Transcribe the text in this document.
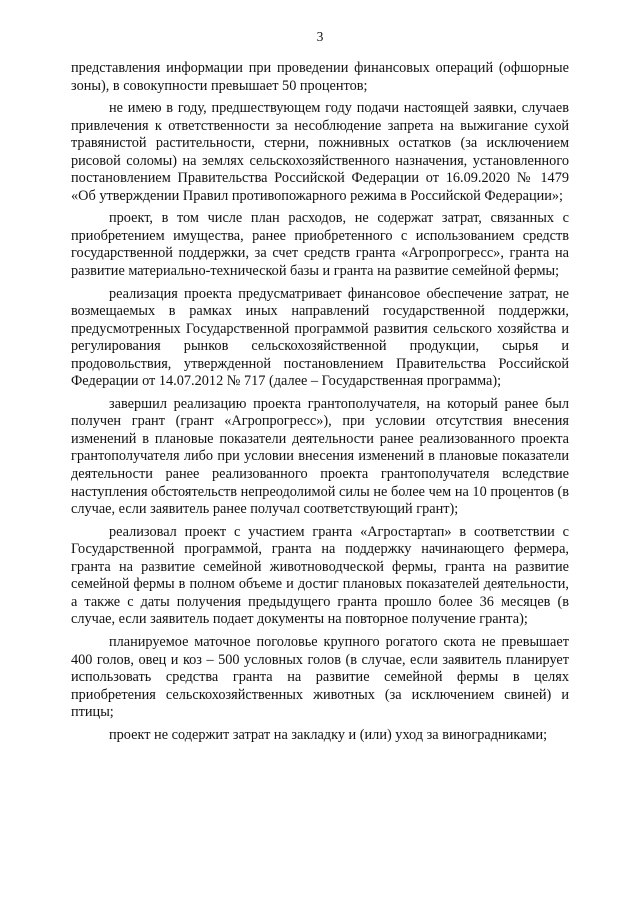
3

представления информации при проведении финансовых операций (офшорные зоны), в совокупности превышает 50 процентов;

не имею в году, предшествующем году подачи настоящей заявки, случаев привлечения к ответственности за несоблюдение запрета на выжигание сухой травянистой растительности, стерни, пожнивных остатков (за исключением рисовой соломы) на землях сельскохозяйственного назначения, установленного постановлением Правительства Российской Федерации от 16.09.2020 № 1479 «Об утверждении Правил противопожарного режима в Российской Федерации»;

проект, в том числе план расходов, не содержат затрат, связанных с приобретением имущества, ранее приобретенного с использованием средств государственной поддержки, за счет средств гранта «Агропрогресс», гранта на развитие материально-технической базы и гранта на развитие семейной фермы;

реализация проекта предусматривает финансовое обеспечение затрат, не возмещаемых в рамках иных направлений государственной поддержки, предусмотренных Государственной программой развития сельского хозяйства и регулирования рынков сельскохозяйственной продукции, сырья и продовольствия, утвержденной постановлением Правительства Российской Федерации от 14.07.2012 № 717 (далее – Государственная программа);

завершил реализацию проекта грантополучателя, на который ранее был получен грант (грант «Агропрогресс»), при условии отсутствия внесения изменений в плановые показатели деятельности ранее реализованного проекта грантополучателя либо при условии внесения изменений в плановые показатели деятельности ранее реализованного проекта грантополучателя вследствие наступления обстоятельств непреодолимой силы не более чем на 10 процентов (в случае, если заявитель ранее получал соответствующий грант);

реализовал проект с участием гранта «Агростартап» в соответствии с Государственной программой, гранта на поддержку начинающего фермера, гранта на развитие семейной животноводческой фермы, гранта на развитие семейной фермы в полном объеме и достиг плановых показателей деятельности, а также с даты получения предыдущего гранта прошло более 36 месяцев (в случае, если заявитель подает документы на повторное получение гранта);

планируемое маточное поголовье крупного рогатого скота не превышает 400 голов, овец и коз – 500 условных голов (в случае, если заявитель планирует использовать средства гранта на развитие семейной фермы в целях приобретения сельскохозяйственных животных (за исключением свиней) и птицы;

проект не содержит затрат на закладку и (или) уход за виноградниками;
